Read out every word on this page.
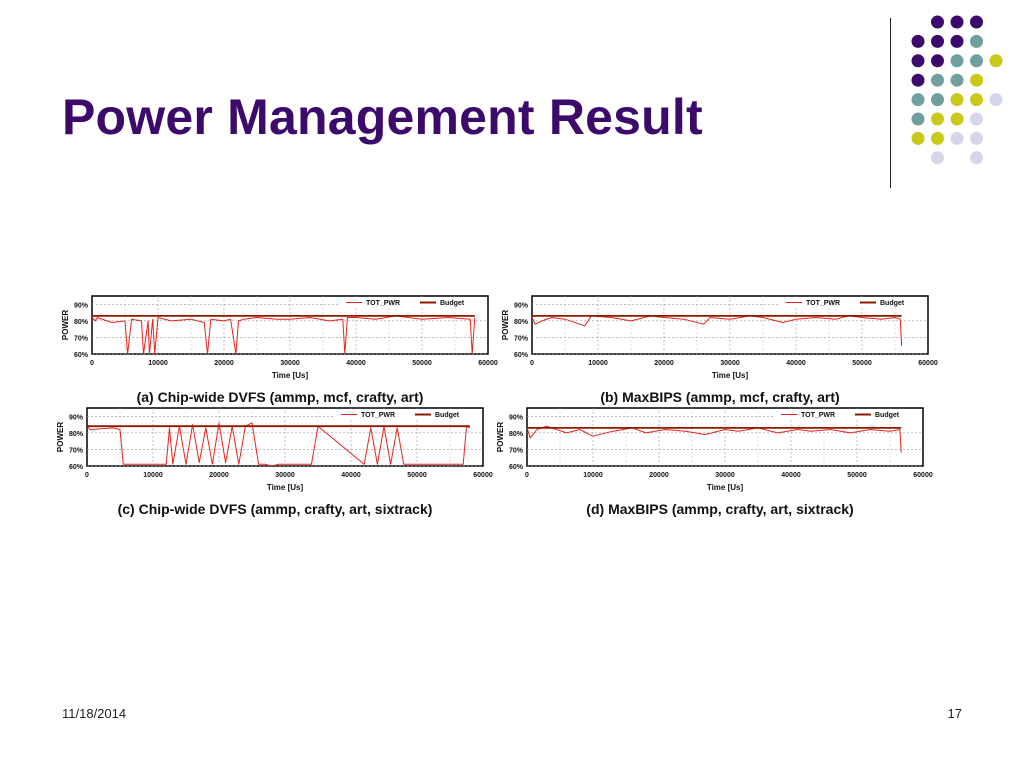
Power Management Result
60%
70%
80%
90%
0	10000	20000	30000	40000	50000	60000
Time [Us]
POWER
TOT_PWR	Budget
(a) Chip-wide DVFS (ammp, mcf, crafty, art)
60%
70%
80%
90%
0	10000	20000	30000	40000	50000	60000
Time [Us]
POWER
TOT_PWR	Budget
(b) MaxBIPS (ammp, mcf, crafty, art)
60%
70%
80%
90%
0	10000	20000	30000	40000	50000	60000
Time [Us]
POWER
TOT_PWR	Budget
(c) Chip-wide DVFS (ammp, crafty, art, sixtrack)
60%
70%
80%
90%
0	10000	20000	30000	40000	50000	60000
Time [Us]
POWER
TOT_PWR	Budget
(d) MaxBIPS (ammp, crafty, art, sixtrack)
11/18/2014	17
